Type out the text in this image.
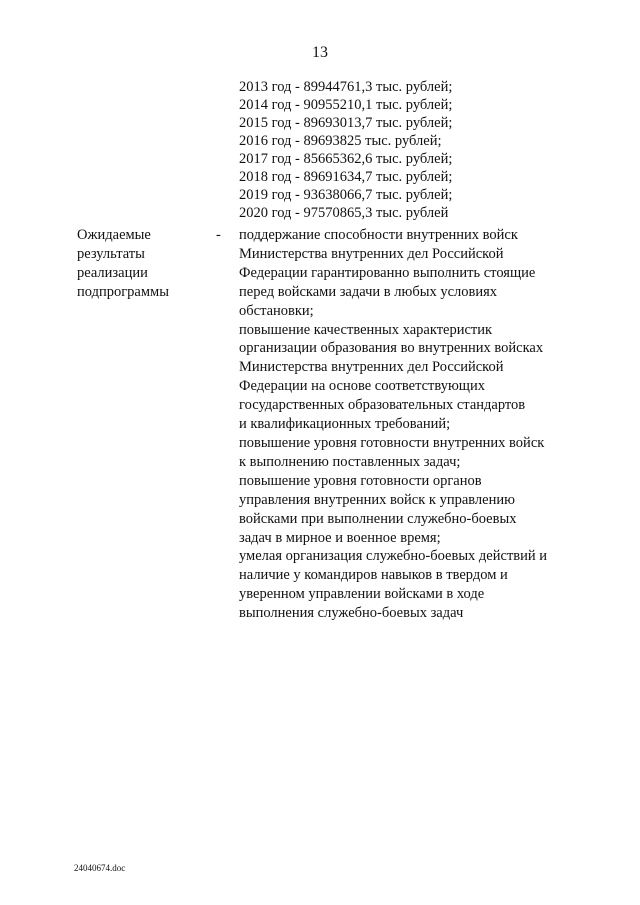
13
2013 год - 89944761,3 тыс. рублей;
2014 год - 90955210,1 тыс. рублей;
2015 год - 89693013,7 тыс. рублей;
2016 год - 89693825 тыс. рублей;
2017 год - 85665362,6 тыс. рублей;
2018 год - 89691634,7 тыс. рублей;
2019 год - 93638066,7 тыс. рублей;
2020 год - 97570865,3 тыс. рублей
Ожидаемые
результаты
реализации
подпрограммы
- поддержание способности внутренних войск
Министерства внутренних дел Российской
Федерации гарантированно выполнить стоящие
перед войсками задачи в любых условиях
обстановки;
повышение качественных характеристик
организации образования во внутренних войсках
Министерства внутренних дел Российской
Федерации на основе соответствующих
государственных образовательных стандартов
и квалификационных требований;
повышение уровня готовности внутренних войск
к выполнению поставленных задач;
повышение уровня готовности органов
управления внутренних войск к управлению
войсками при выполнении служебно-боевых
задач в мирное и военное время;
умелая организация служебно-боевых действий и
наличие у командиров навыков в твердом и
уверенном управлении войсками в ходе
выполнения служебно-боевых задач
24040674.doc
